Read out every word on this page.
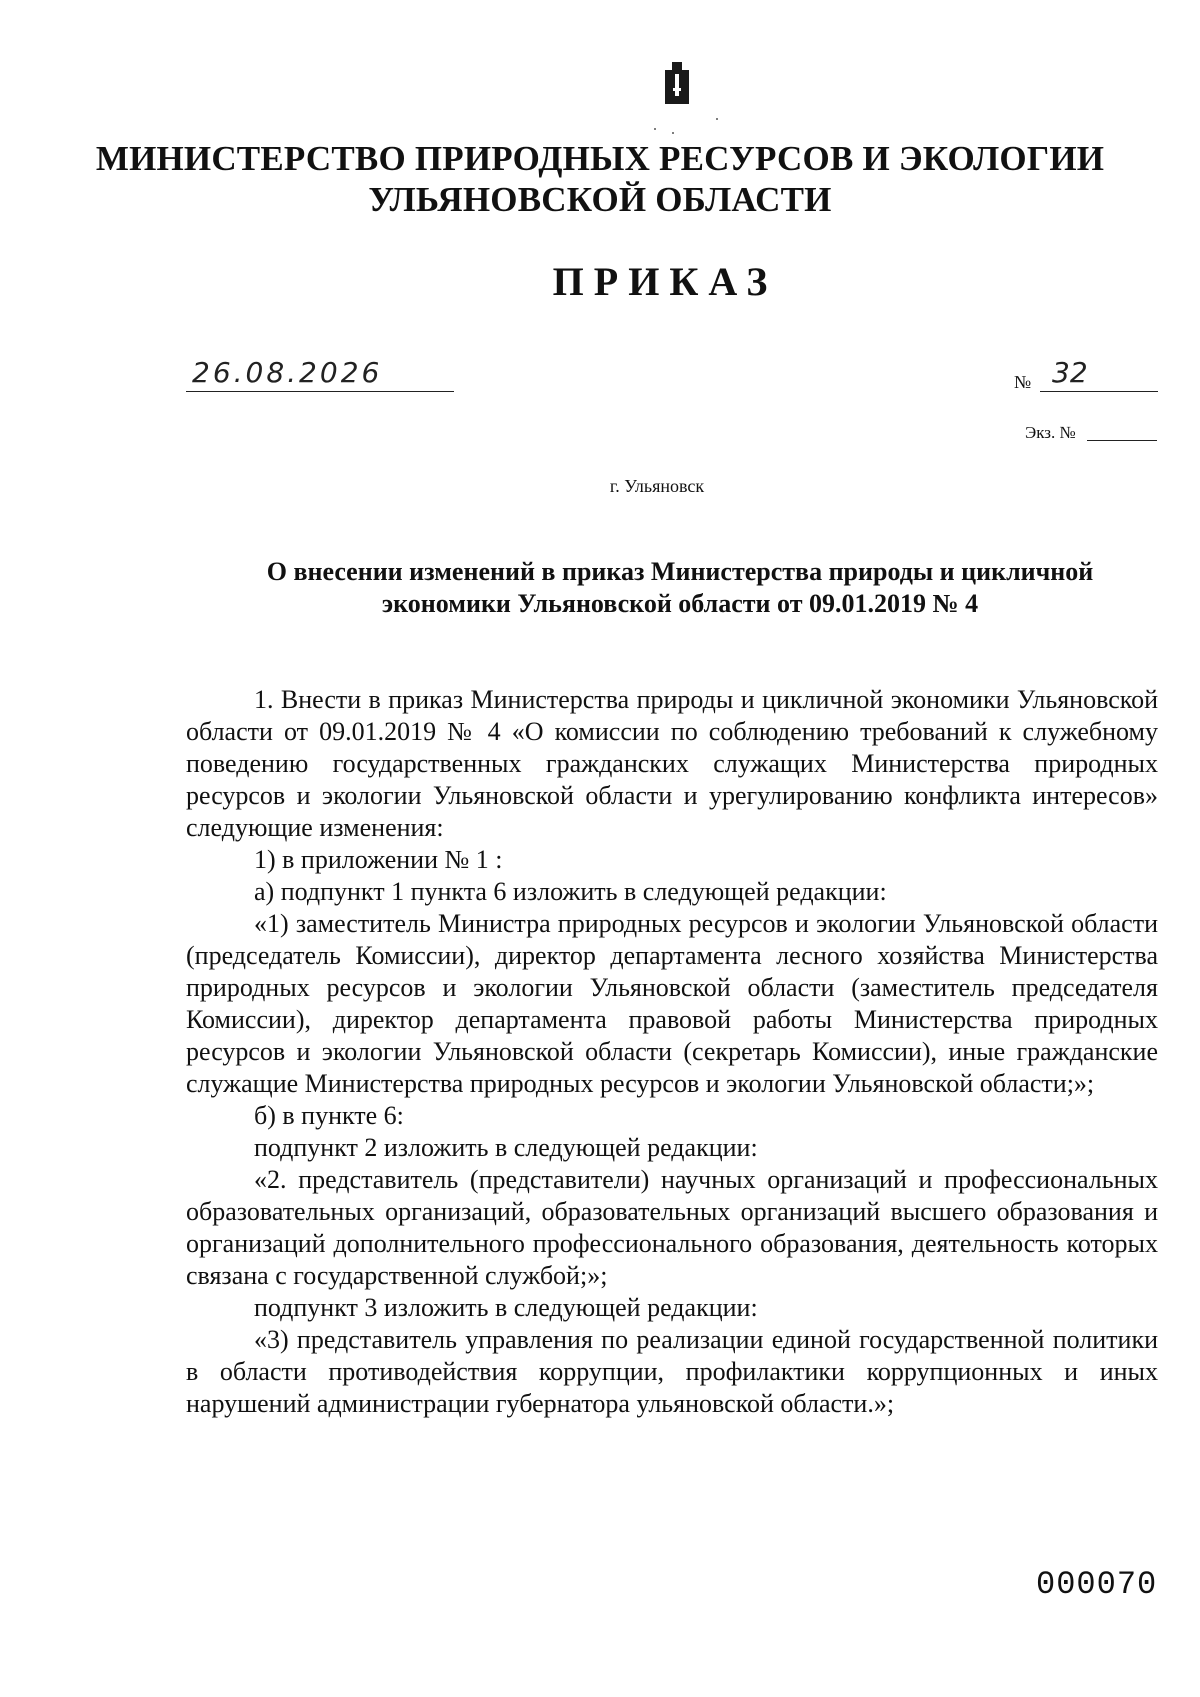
МИНИСТЕРСТВО ПРИРОДНЫХ РЕСУРСОВ И ЭКОЛОГИИ
УЛЬЯНОВСКОЙ ОБЛАСТИ
ПРИКАЗ
26.08.2026	№ 32
Экз. №
г. Ульяновск
О внесении изменений в приказ Министерства природы и цикличной
экономики Ульяновской области от 09.01.2019 № 4

1. Внести в приказ Министерства природы и цикличной экономики Ульяновской области от 09.01.2019 № 4 «О комиссии по соблюдению требований к служебному поведению государственных гражданских служащих Министерства природных ресурсов и экологии Ульяновской области и урегулированию конфликта интересов» следующие изменения:

1) в приложении № 1 :

а) подпункт 1 пункта 6 изложить в следующей редакции:

«1) заместитель Министра природных ресурсов и экологии Ульяновской области (председатель Комиссии), директор департамента лесного хозяйства Министерства природных ресурсов и экологии Ульяновской области (заместитель председателя Комиссии), директор департамента правовой работы Министерства природных ресурсов и экологии Ульяновской области (секретарь Комиссии), иные гражданские служащие Министерства природных ресурсов и экологии Ульяновской области;»;

б) в пункте 6:

подпункт 2 изложить в следующей редакции:

«2. представитель (представители) научных организаций и профессиональных образовательных организаций, образовательных организаций высшего образования и организаций дополнительного профессионального образования, деятельность которых связана с государственной службой;»;

подпункт 3 изложить в следующей редакции:

«3) представитель управления по реализации единой государственной политики в области противодействия коррупции, профилактики коррупционных и иных нарушений администрации губернатора ульяновской области.»;

000070
